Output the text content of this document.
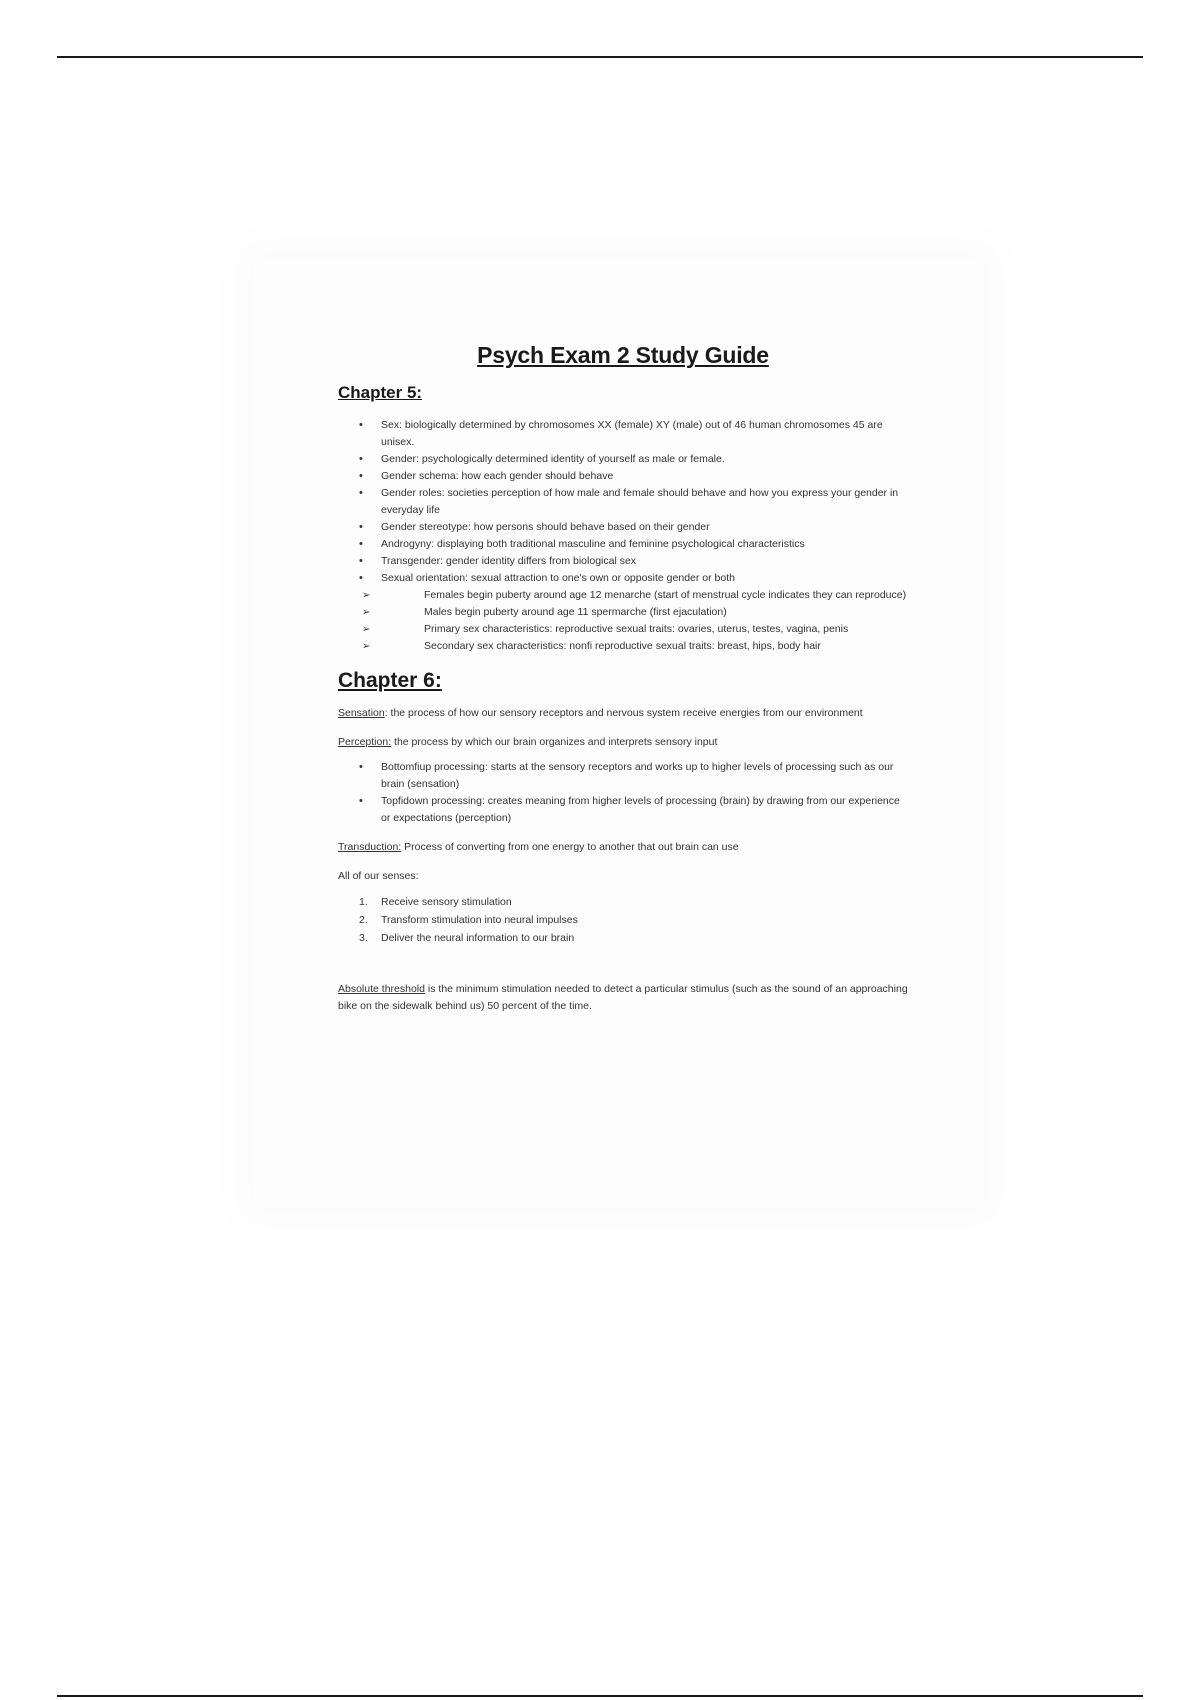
Psych Exam 2 Study Guide
Chapter 5:
• Sex: biologically determined by chromosomes XX (female) XY (male) out of 46 human chromosomes 45 are unisex.
• Gender: psychologically determined identity of yourself as male or female.
• Gender schema: how each gender should behave
• Gender roles: societies perception of how male and female should behave and how you express your gender in everyday life
• Gender stereotype: how persons should behave based on their gender
• Androgyny: displaying both traditional masculine and feminine psychological characteristics
• Transgender: gender identity differs from biological sex
• Sexual orientation: sexual attraction to one's own or opposite gender or both
➢ Females begin puberty around age 12 menarche (start of menstrual cycle indicates they can reproduce)
➢ Males begin puberty around age 11 spermarche (first ejaculation)
➢ Primary sex characteristics: reproductive sexual traits: ovaries, uterus, testes, vagina, penis
➢ Secondary sex characteristics: nonfi reproductive sexual traits: breast, hips, body hair
Chapter 6:

Sensation: the process of how our sensory receptors and nervous system receive energies from our environment

Perception: the process by which our brain organizes and interprets sensory input

• Bottomfiup processing: starts at the sensory receptors and works up to higher levels of processing such as our brain (sensation)
• Topfidown processing: creates meaning from higher levels of processing (brain) by drawing from our experience or expectations (perception)

Transduction: Process of converting from one energy to another that out brain can use

All of our senses:

1. Receive sensory stimulation
2. Transform stimulation into neural impulses
3. Deliver the neural information to our brain

Absolute threshold is the minimum stimulation needed to detect a particular stimulus (such as the sound of an approaching bike on the sidewalk behind us) 50 percent of the time.
